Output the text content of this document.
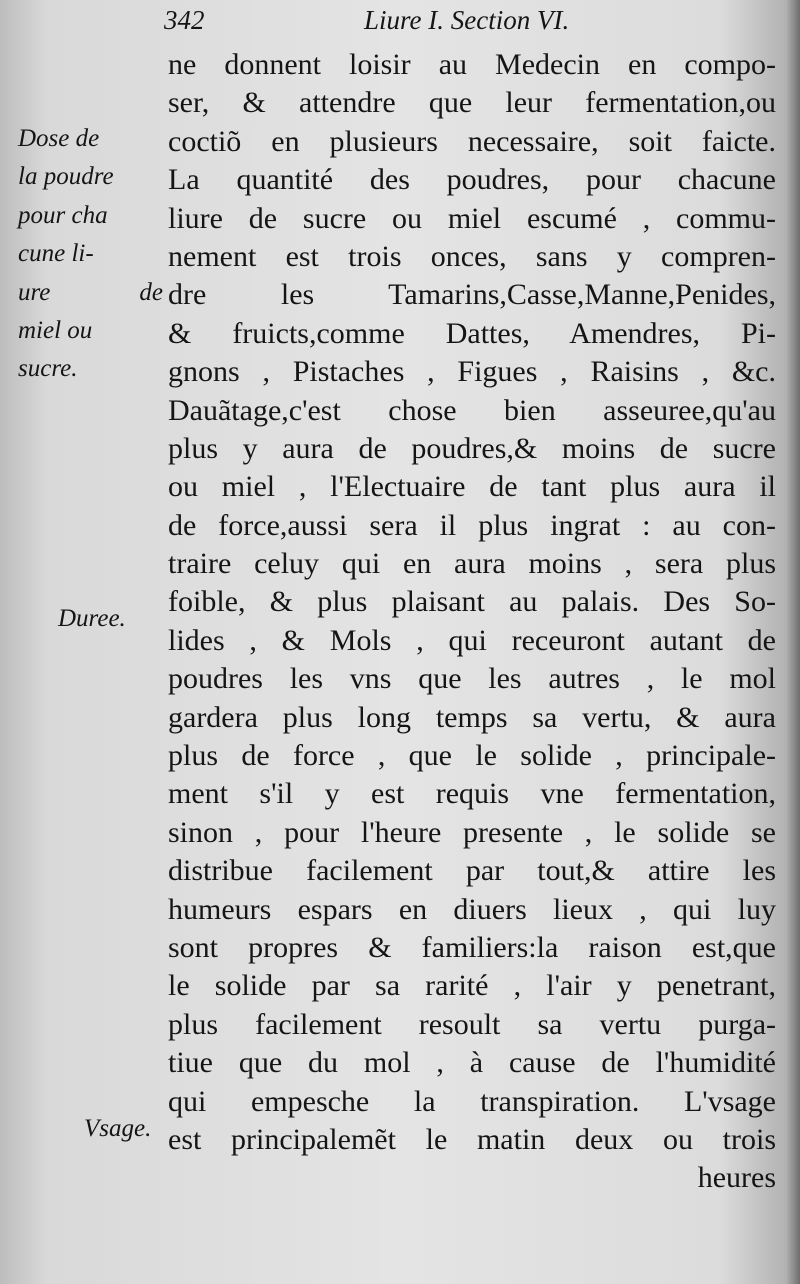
342	Liure I. Section VI.
Dose de
la poudre
pour cha
cune li-
ure de
miel ou
sucre.
Duree.
Vsage.
ne donnent loisir au Medecin en compo-
ser, & attendre que leur fermentation,ou
coctiõ en plusieurs necessaire, soit faicte.
La quantité des poudres, pour chacune
liure de sucre ou miel escumé , commu-
nement est trois onces, sans y compren-
dre les Tamarins,Casse,Manne,Penides,
& fruicts,comme Dattes, Amendres, Pi-
gnons , Pistaches , Figues , Raisins , &c.
Dauãtage,c'est chose bien asseuree,qu'au
plus y aura de poudres,& moins de sucre
ou miel , l'Electuaire de tant plus aura il
de force,aussi sera il plus ingrat : au con-
traire celuy qui en aura moins , sera plus
foible, & plus plaisant au palais. Des So-
lides , & Mols , qui receuront autant de
poudres les vns que les autres , le mol
gardera plus long temps sa vertu, & aura
plus de force , que le solide , principale-
ment s'il y est requis vne fermentation,
sinon , pour l'heure presente , le solide se
distribue facilement par tout,& attire les
humeurs espars en diuers lieux , qui luy
sont propres & familiers:la raison est,que
le solide par sa rarité , l'air y penetrant,
plus facilement resoult sa vertu purga-
tiue que du mol , à cause de l'humidité
qui empesche la transpiration. L'vsage
est principalemẽt le matin deux ou trois
heures
